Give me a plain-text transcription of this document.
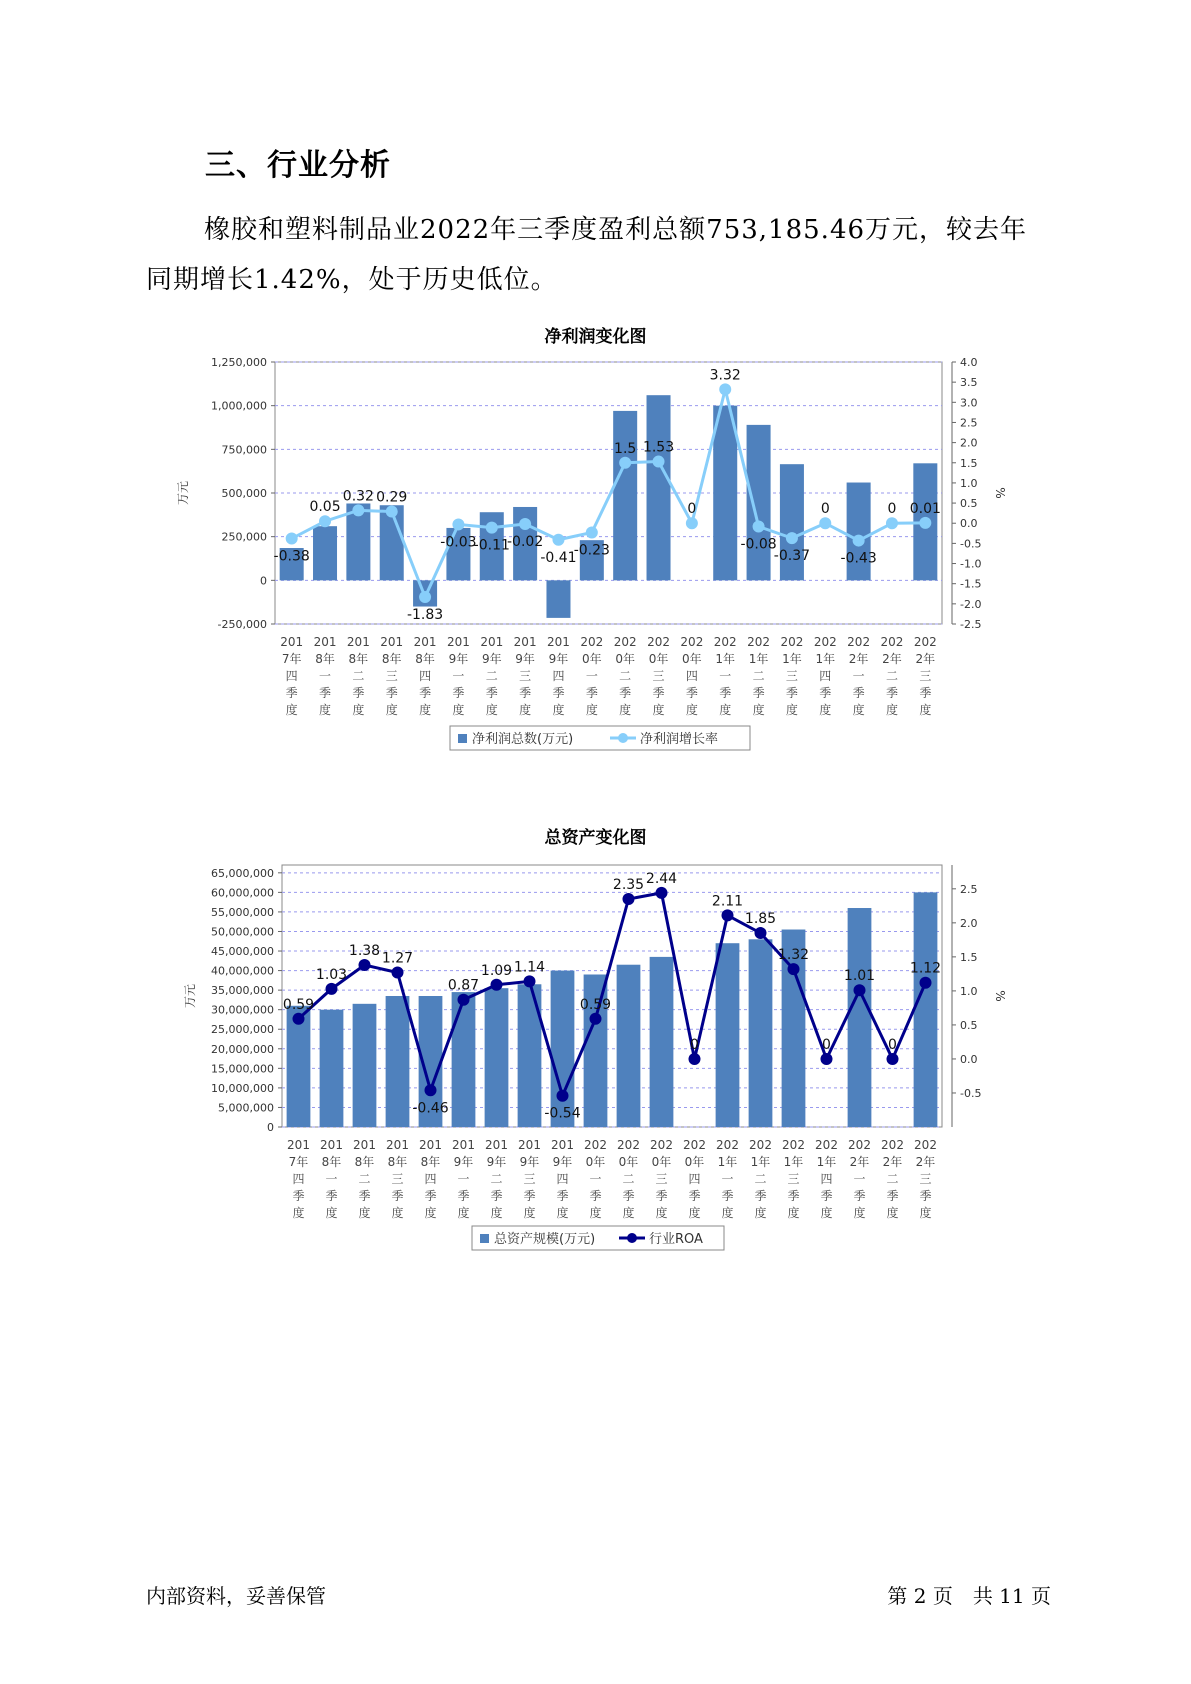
三、行业分析
橡胶和塑料制品业2022年三季度盈利总额753,185.46万元，较去年同期增长1.42%，处于历史低位。
净利润变化图
-250,000
0
250,000
500,000
750,000
1,000,000
1,250,000
万元
-2.5
-2.0
-1.5
-1.0
-0.5
0.0
0.5
1.0
1.5
2.0
2.5
3.0
3.5
4.0
%
-0.38
0.05
0.32 0.29
-1.83
-0.03
-0.11
-0.02
-0.41
-0.23
1.5 1.53
0
3.32
-0.08
-0.37
0
-0.43
0 0.01
201
7年
四
季
度
201
8年
一
季
度
201
8年
二
季
度
201
8年
三
季
度
201
8年
四
季
度
201
9年
一
季
度
201
9年
二
季
度
201
9年
三
季
度
201
9年
四
季
度
202
0年
一
季
度
202
0年
二
季
度
202
0年
三
季
度
202
0年
四
季
度
202
1年
一
季
度
202
1年
二
季
度
202
1年
三
季
度
202
1年
四
季
度
202
2年
一
季
度
202
2年
二
季
度
202
2年
三
季
度
净利润总数(万元)	净利润增长率
总资产变化图
0
5,000,000
10,000,000
15,000,000
20,000,000
25,000,000
30,000,000
35,000,000
40,000,000
45,000,000
50,000,000
55,000,000
60,000,000
65,000,000
万元
-0.5
0.0
0.5
1.0
1.5
2.0
2.5
%
0.59
1.03
1.38 1.27
-0.46
0.87
1.09 1.14
-0.54
0.59
2.35 2.44
0
2.11
1.85
1.32
0
1.01
0
1.12
201
7年
四
季
度
201
8年
一
季
度
201
8年
二
季
度
201
8年
三
季
度
201
8年
四
季
度
201
9年
一
季
度
201
9年
二
季
度
201
9年
三
季
度
201
9年
四
季
度
202
0年
一
季
度
202
0年
二
季
度
202
0年
三
季
度
202
0年
四
季
度
202
1年
一
季
度
202
1年
二
季
度
202
1年
三
季
度
202
1年
四
季
度
202
2年
一
季
度
202
2年
二
季
度
202
2年
三
季
度
总资产规模(万元)	行业ROA
内部资料，妥善保管	第 2 页　共 11 页
